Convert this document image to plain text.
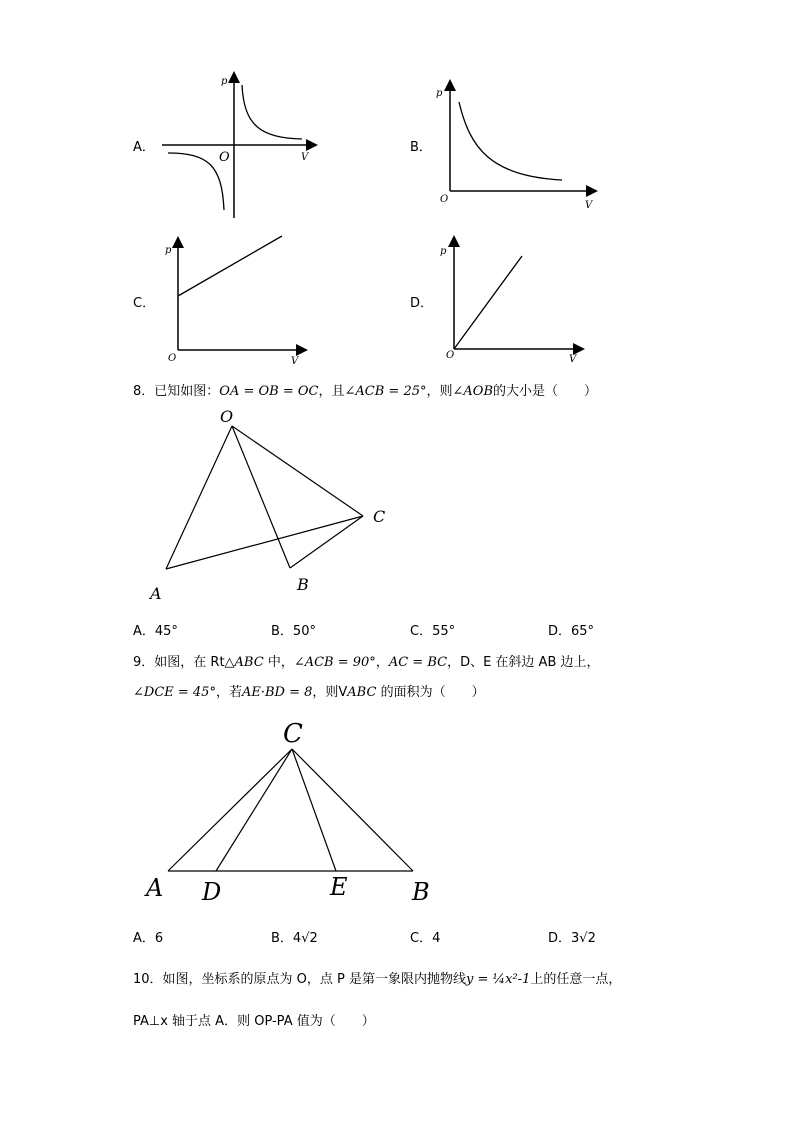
A．
O	V
p
B．
O
V
p
C．
O	V
p
D．
O	V
p
8．已知如图：OA = OB = OC，且∠ACB = 25°，则∠AOB的大小是（　　）
O
A	B
C
A．45°	B．50°	C．55°	D．65°
9．如图，在 Rt△ABC 中，∠ACB = 90°，AC = BC，D、E 在斜边 AB 边上，
∠DCE = 45°，若AE·BD = 8，则VABC 的面积为（　　）
C
A D	E	B
A．6	B．4√2	C．4	D．3√2
10．如图，坐标系的原点为 O，点 P 是第一象限内抛物线y = ¼x²-1上的任意一点，
PA⊥x 轴于点 A．则 OP-PA 值为（　　）
